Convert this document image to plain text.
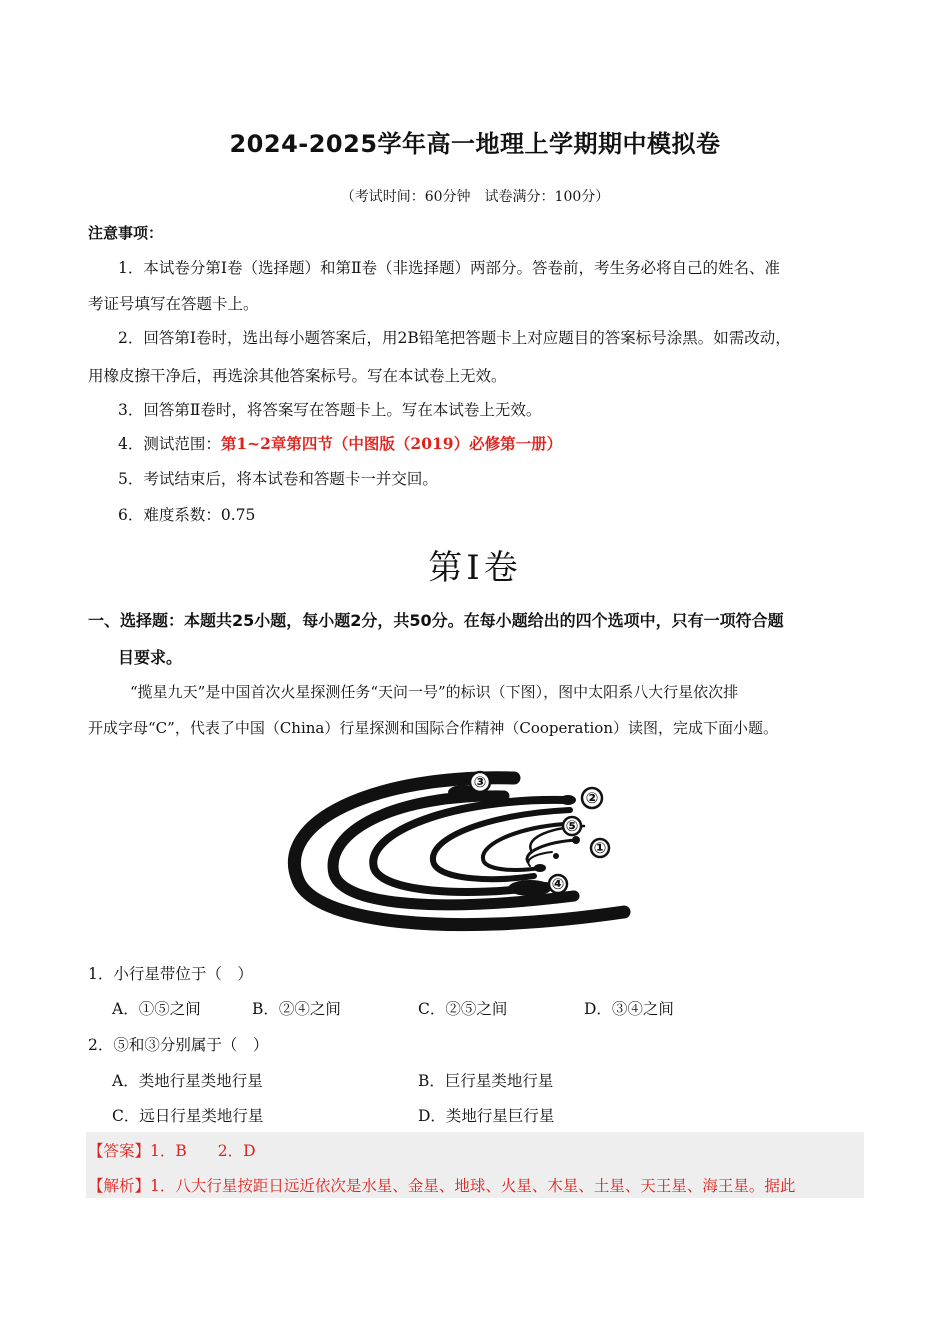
2024-2025学年高一地理上学期期中模拟卷
（考试时间：60分钟　试卷满分：100分）
注意事项：
1．本试卷分第Ⅰ卷（选择题）和第Ⅱ卷（非选择题）两部分。答卷前，考生务必将自己的姓名、准
考证号填写在答题卡上。
2．回答第Ⅰ卷时，选出每小题答案后，用2B铅笔把答题卡上对应题目的答案标号涂黑。如需改动，
用橡皮擦干净后，再选涂其他答案标号。写在本试卷上无效。
3．回答第Ⅱ卷时，将答案写在答题卡上。写在本试卷上无效。
4．测试范围：第1~2章第四节（中图版（2019）必修第一册）
5．考试结束后，将本试卷和答题卡一并交回。
6．难度系数：0.75
第Ⅰ卷
一、选择题：本题共25小题，每小题2分，共50分。在每小题给出的四个选项中，只有一项符合题
目要求。
“揽星九天”是中国首次火星探测任务“天问一号”的标识（下图），图中太阳系八大行星依次排
开成字母“C”，代表了中国（China）行星探测和国际合作精神（Cooperation）读图，完成下面小题。
③
②
⑤
①
④
1．小行星带位于（　）
A．①⑤之间	B．②④之间	C．②⑤之间	D．③④之间
2．⑤和③分别属于（　）
A．类地行星类地行星	B．巨行星类地行星
C．远日行星类地行星	D．类地行星巨行星
【答案】1．B　　2．D
【解析】1．八大行星按距日远近依次是水星、金星、地球、火星、木星、土星、天王星、海王星。据此
